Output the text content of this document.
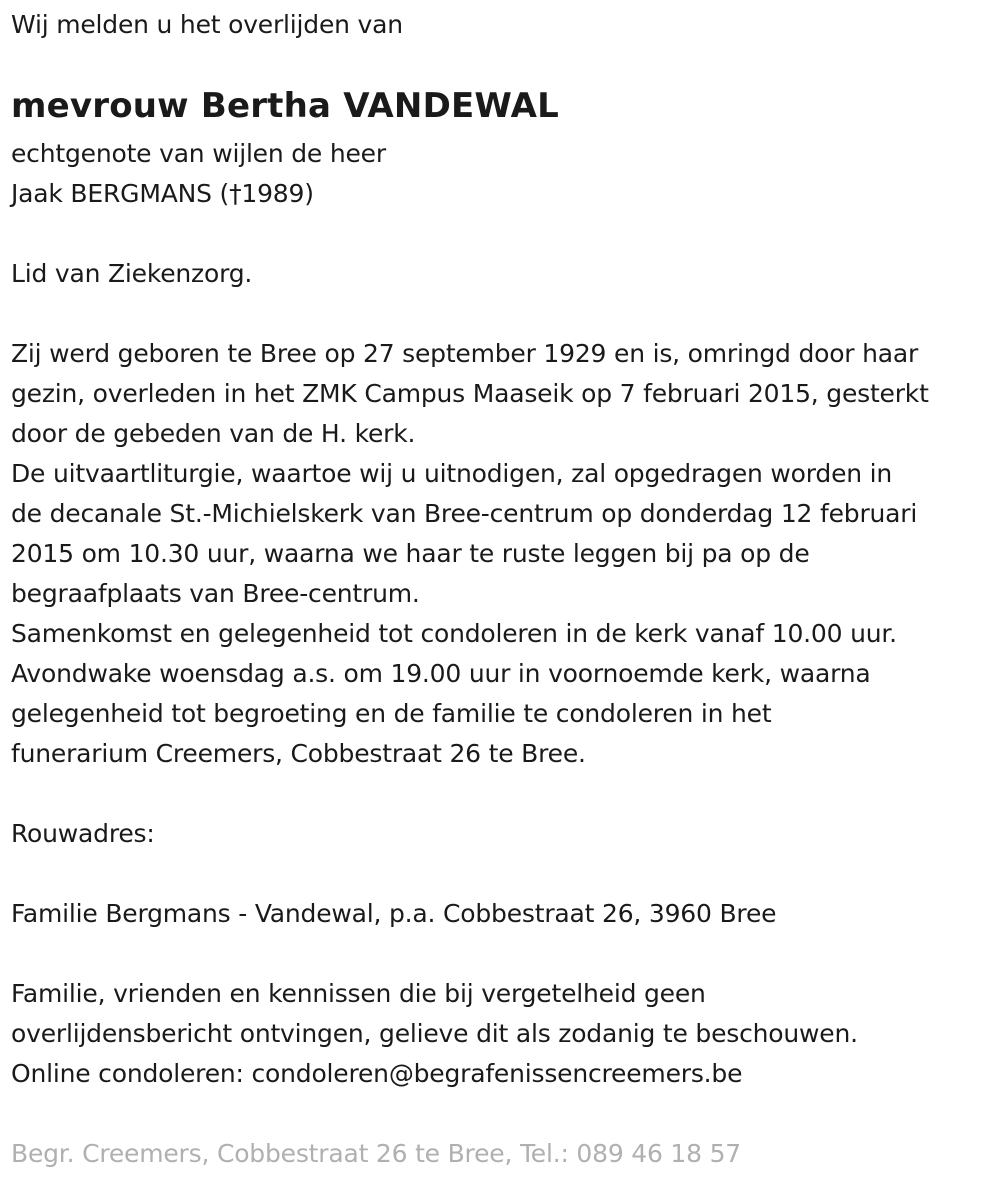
Wij melden u het overlijden van
mevrouw Bertha VANDEWAL
echtgenote van wijlen de heer
Jaak BERGMANS (†1989)
Lid van Ziekenzorg.
Zij werd geboren te Bree op 27 september 1929 en is, omringd door haar
gezin, overleden in het ZMK Campus Maaseik op 7 februari 2015, gesterkt
door de gebeden van de H. kerk.
De uitvaartliturgie, waartoe wij u uitnodigen, zal opgedragen worden in
de decanale St.-Michielskerk van Bree-centrum op donderdag 12 februari
2015 om 10.30 uur, waarna we haar te ruste leggen bij pa op de
begraafplaats van Bree-centrum.
Samenkomst en gelegenheid tot condoleren in de kerk vanaf 10.00 uur.
Avondwake woensdag a.s. om 19.00 uur in voornoemde kerk, waarna
gelegenheid tot begroeting en de familie te condoleren in het
funerarium Creemers, Cobbestraat 26 te Bree.
Rouwadres:
Familie Bergmans - Vandewal, p.a. Cobbestraat 26, 3960 Bree
Familie, vrienden en kennissen die bij vergetelheid geen
overlijdensbericht ontvingen, gelieve dit als zodanig te beschouwen.
Online condoleren: condoleren@begrafenissencreemers.be
Begr. Creemers, Cobbestraat 26 te Bree, Tel.: 089 46 18 57
